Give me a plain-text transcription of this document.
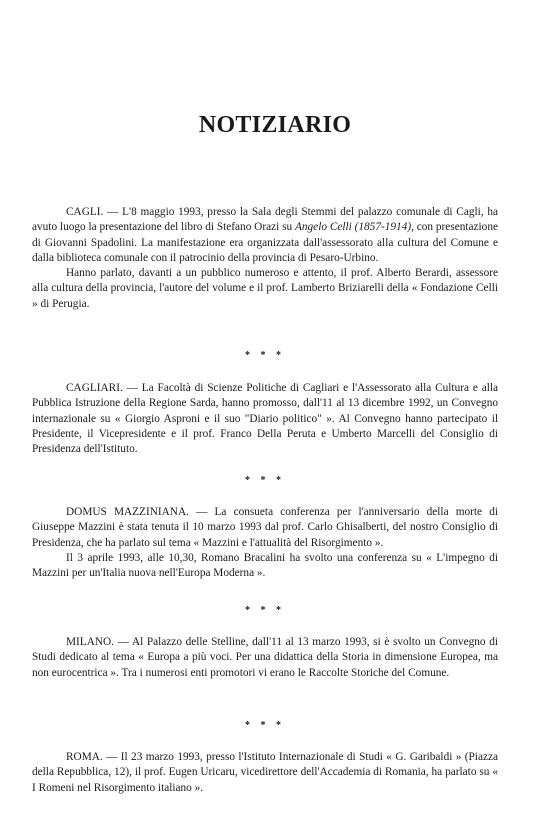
NOTIZIARIO

CAGLI. — L'8 maggio 1993, presso la Sala degli Stemmi del palazzo comunale di Cagli, ha avuto luogo la presentazione del libro di Stefano Orazi su Angelo Celli (1857-1914), con presentazione di Giovanni Spadolini. La manifestazione era organizzata dall'assessorato alla cultura del Comune e dalla biblioteca comunale con il patrocinio della provincia di Pesaro-Urbino.

Hanno parlato, davanti a un pubblico numeroso e attento, il prof. Alberto Berardi, assessore alla cultura della provincia, l'autore del volume e il prof. Lamberto Briziarelli della « Fondazione Celli » di Perugia.

* * *

CAGLIARI. — La Facoltà di Scienze Politiche di Cagliari e l'Assessorato alla Cultura e alla Pubblica Istruzione della Regione Sarda, hanno promosso, dall'11 al 13 dicembre 1992, un Convegno internazionale su « Giorgio Asproni e il suo "Diario politico" ». Al Convegno hanno partecipato il Presidente, il Vicepresidente e il prof. Franco Della Peruta e Umberto Marcelli del Consiglio di Presidenza dell'Istituto.

* * *

DOMUS MAZZINIANA. — La consueta conferenza per l'anniversario della morte di Giuseppe Mazzini è stata tenuta il 10 marzo 1993 dal prof. Carlo Ghisalberti, del nostro Consiglio di Presidenza, che ha parlato sul tema « Mazzini e l'attualità del Risorgimento ».

Il 3 aprile 1993, alle 10,30, Romano Bracalini ha svolto una conferenza su « L'impegno di Mazzini per un'Italia nuova nell'Europa Moderna ».

* * *

MILANO. — Al Palazzo delle Stelline, dall'11 al 13 marzo 1993, si è svolto un Convegno di Studi dedicato al tema « Europa a più voci. Per una didattica della Storia in dimensione Europea, ma non eurocentrica ». Tra i numerosi enti promotori vi erano le Raccolte Storiche del Comune.

* * *

ROMA. — Il 23 marzo 1993, presso l'Istituto Internazionale di Studi « G. Garibaldi » (Piazza della Repubblica, 12), il prof. Eugen Uricaru, vicedirettore dell'Accademia di Romania, ha parlato su « I Romeni nel Risorgimento italiano ».
